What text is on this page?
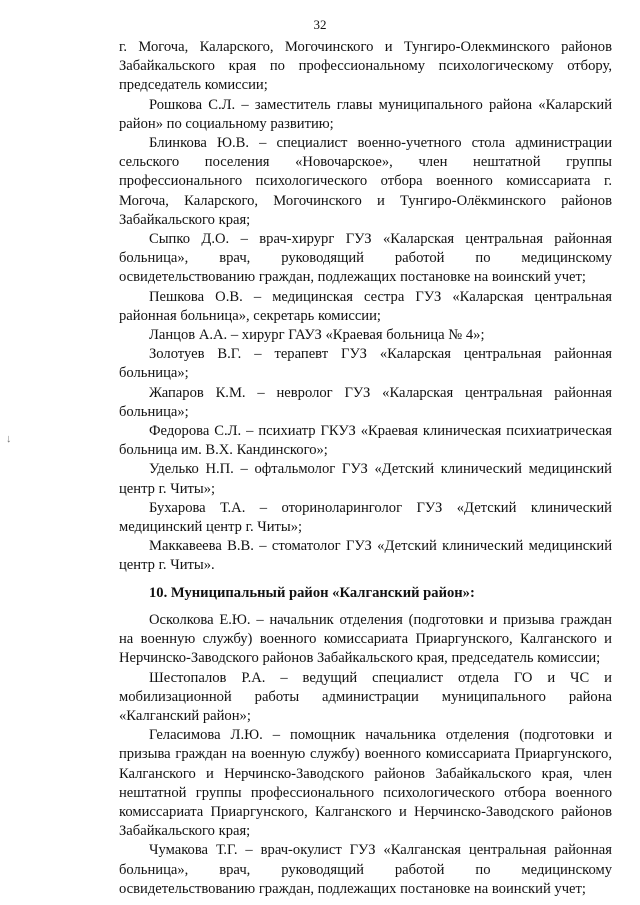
32
↓

г. Могоча, Каларского, Могочинского и Тунгиро-Олекминского районов Забайкальского края по профессиональному психологическому отбору, председатель комиссии;

Рошкова С.Л. – заместитель главы муниципального района «Каларский район» по социальному развитию;

Блинкова Ю.В. – специалист военно-учетного стола администрации сельского поселения «Новочарское», член нештатной группы профессионального психологического отбора военного комиссариата г. Могоча, Каларского, Могочинского и Тунгиро-Олёкминского районов Забайкальского края;

Сыпко Д.О. – врач-хирург ГУЗ «Каларская центральная районная больница», врач, руководящий работой по медицинскому освидетельствованию граждан, подлежащих постановке на воинский учет;

Пешкова О.В. – медицинская сестра ГУЗ «Каларская центральная районная больница», секретарь комиссии;

Ланцов А.А. – хирург ГАУЗ «Краевая больница № 4»;

Золотуев В.Г. – терапевт ГУЗ «Каларская центральная районная больница»;

Жапаров К.М. – невролог ГУЗ «Каларская центральная районная больница»;

Федорова С.Л. – психиатр ГКУЗ «Краевая клиническая психиатрическая больница им. В.Х. Кандинского»;

Уделько Н.П. – офтальмолог ГУЗ «Детский клинический медицинский центр г. Читы»;

Бухарова Т.А. – оториноларинголог ГУЗ «Детский клинический медицинский центр г. Читы»;

Маккавеева В.В. – стоматолог ГУЗ «Детский клинический медицинский центр г. Читы».

10. Муниципальный район «Калганский район»:

Осколкова Е.Ю. – начальник отделения (подготовки и призыва граждан на военную службу) военного комиссариата Приаргунского, Калганского и Нерчинско-Заводского районов Забайкальского края, председатель комиссии;

Шестопалов Р.А. – ведущий специалист отдела ГО и ЧС и мобилизационной работы администрации муниципального района «Калганский район»;

Геласимова Л.Ю. – помощник начальника отделения (подготовки и призыва граждан на военную службу) военного комиссариата Приаргунского, Калганского и Нерчинско-Заводского районов Забайкальского края, член нештатной группы профессионального психологического отбора военного комиссариата Приаргунского, Калганского и Нерчинско-Заводского районов Забайкальского края;

Чумакова Т.Г. – врач-окулист ГУЗ «Калганская центральная районная больница», врач, руководящий работой по медицинскому освидетельствованию граждан, подлежащих постановке на воинский учет;
